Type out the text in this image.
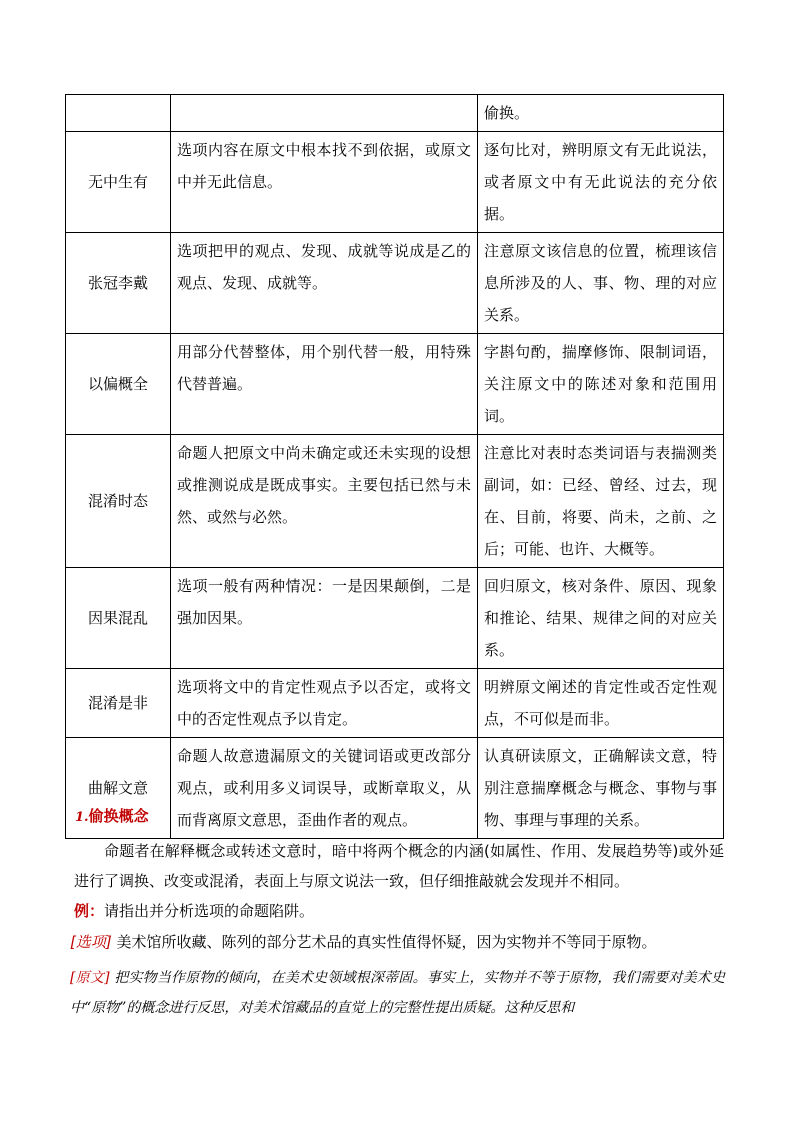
		偷换。
无中生有	选项内容在原文中根本找不到依据，或原文中并无此信息。	逐句比对，辨明原文有无此说法，或者原文中有无此说法的充分依据。
张冠李戴	选项把甲的观点、发现、成就等说成是乙的观点、发现、成就等。	注意原文该信息的位置，梳理该信息所涉及的人、事、物、理的对应关系。
以偏概全	用部分代替整体，用个别代替一般，用特殊代替普遍。	字斟句酌，揣摩修饰、限制词语，关注原文中的陈述对象和范围用词。
混淆时态	命题人把原文中尚未确定或还未实现的设想或推测说成是既成事实。主要包括已然与未然、或然与必然。	注意比对表时态类词语与表揣测类副词，如：已经、曾经、过去，现在、目前，将要、尚未，之前、之后；可能、也许、大概等。
因果混乱	选项一般有两种情况：一是因果颠倒，二是强加因果。	回归原文，核对条件、原因、现象和推论、结果、规律之间的对应关系。
混淆是非	选项将文中的肯定性观点予以否定，或将文中的否定性观点予以肯定。	明辨原文阐述的肯定性或否定性观点，不可似是而非。
曲解文意	命题人故意遗漏原文的关键词语或更改部分观点，或利用多义词误导，或断章取义，从而背离原文意思，歪曲作者的观点。	认真研读原文，正确解读文意，特别注意揣摩概念与概念、事物与事物、事理与事理的关系。
1.偷换概念
命题者在解释概念或转述文意时，暗中将两个概念的内涵(如属性、作用、发展趋势等)或外延进行了调换、改变或混淆，表面上与原文说法一致，但仔细推敲就会发现并不相同。
例：请指出并分析选项的命题陷阱。
[选项] 美术馆所收藏、陈列的部分艺术品的真实性值得怀疑，因为实物并不等同于原物。
[原文] 把实物当作原物的倾向，在美术史领域根深蒂固。事实上，实物并不等于原物，我们需要对美术史中“原物”的概念进行反思，对美术馆藏品的直觉上的完整性提出质疑。这种反思和
